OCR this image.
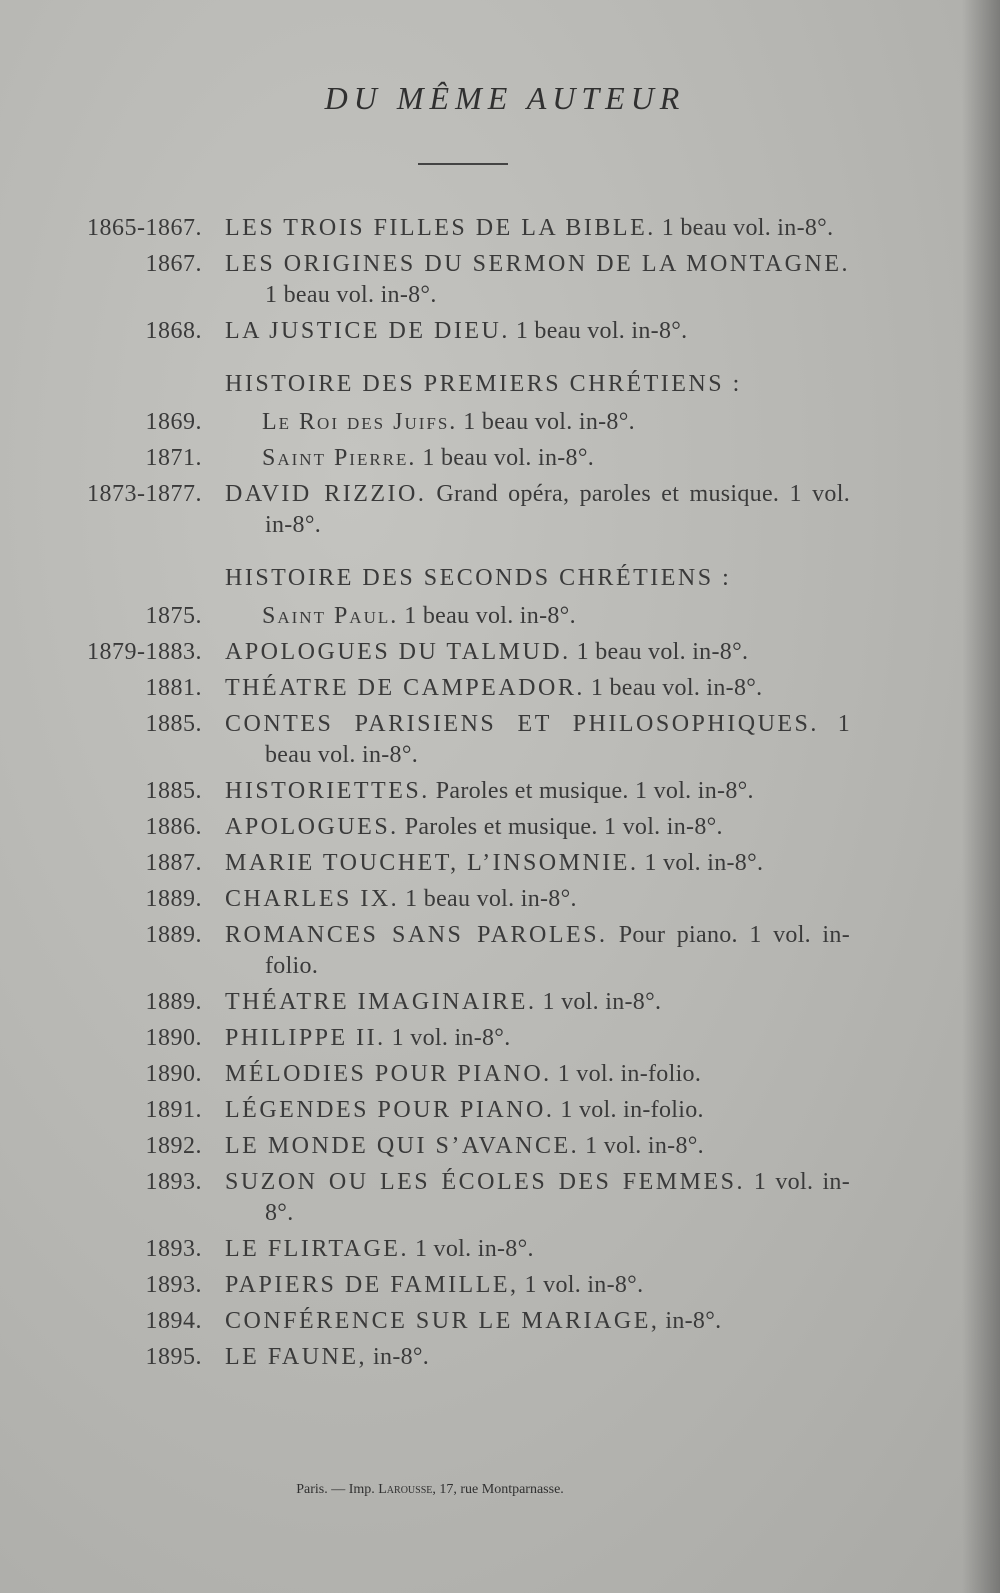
DU MÊME AUTEUR
1865-1867. LES TROIS FILLES DE LA BIBLE. 1 beau vol. in-8°.
1867. LES ORIGINES DU SERMON DE LA MONTAGNE. 1 beau vol. in-8°.
1868. LA JUSTICE DE DIEU. 1 beau vol. in-8°.
HISTOIRE DES PREMIERS CHRÉTIENS :
1869.	Le Roi des Juifs. 1 beau vol. in-8°.
1871.	Saint Pierre. 1 beau vol. in-8°.
1873-1877. DAVID RIZZIO. Grand opéra, paroles et musique. 1 vol. in-8°.
HISTOIRE DES SECONDS CHRÉTIENS :
1875.	Saint Paul. 1 beau vol. in-8°.
1879-1883. APOLOGUES DU TALMUD. 1 beau vol. in-8°.
1881. THÉATRE DE CAMPEADOR. 1 beau vol. in-8°.
1885. CONTES PARISIENS ET PHILOSOPHIQUES. 1 beau vol. in-8°.
1885. HISTORIETTES. Paroles et musique. 1 vol. in-8°.
1886. APOLOGUES. Paroles et musique. 1 vol. in-8°.
1887. MARIE TOUCHET, L’INSOMNIE. 1 vol. in-8°.
1889. CHARLES IX. 1 beau vol. in-8°.
1889. ROMANCES SANS PAROLES. Pour piano. 1 vol. in-folio.
1889. THÉATRE IMAGINAIRE. 1 vol. in-8°.
1890. PHILIPPE II. 1 vol. in-8°.
1890. MÉLODIES POUR PIANO. 1 vol. in-folio.
1891. LÉGENDES POUR PIANO. 1 vol. in-folio.
1892. LE MONDE QUI S’AVANCE. 1 vol. in-8°.
1893. SUZON OU LES ÉCOLES DES FEMMES. 1 vol. in-8°.
1893. LE FLIRTAGE. 1 vol. in-8°.
1893. PAPIERS DE FAMILLE, 1 vol. in-8°.
1894. CONFÉRENCE SUR LE MARIAGE, in-8°.
1895. LE FAUNE, in-8°.
Paris. — Imp. Larousse, 17, rue Montparnasse.
